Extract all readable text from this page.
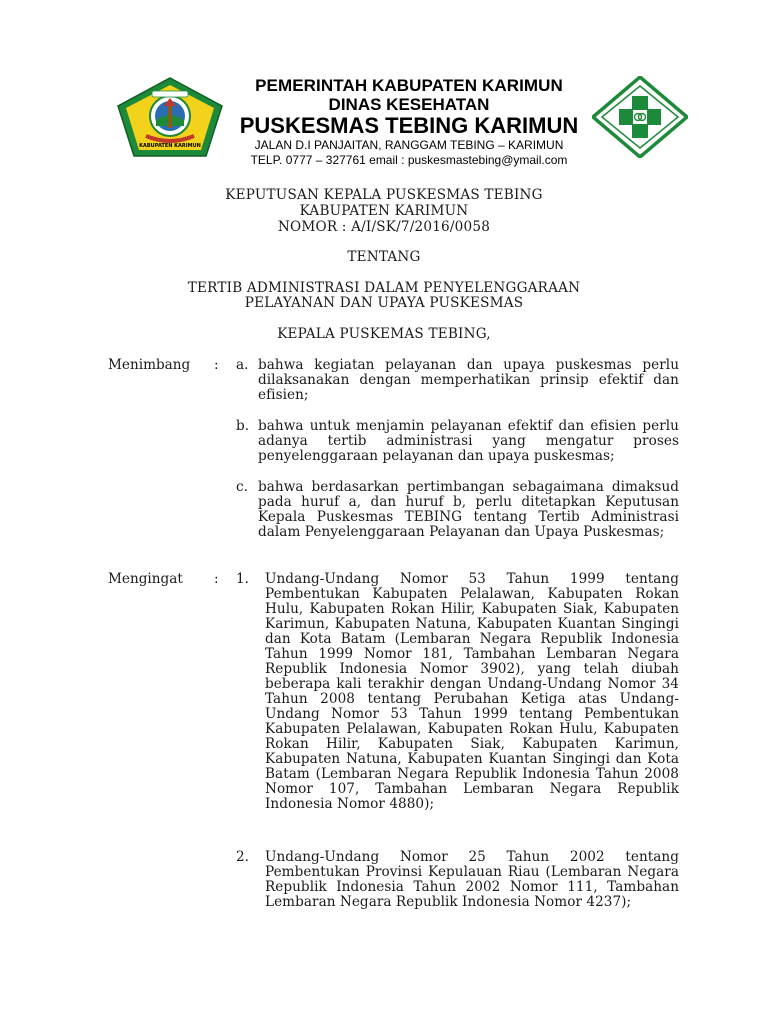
KABUPATEN KARIMUN
PEMERINTAH KABUPATEN KARIMUN
DINAS KESEHATAN
PUSKESMAS TEBING KARIMUN
JALAN D.I PANJAITAN, RANGGAM TEBING – KARIMUN
TELP. 0777 – 327761 email : puskesmastebing@ymail.com
KEPUTUSAN KEPALA PUSKESMAS TEBING
KABUPATEN KARIMUN
NOMOR : A/I/SK/7/2016/0058
TENTANG
TERTIB ADMINISTRASI DALAM PENYELENGGARAAN
PELAYANAN DAN UPAYA PUSKESMAS
KEPALA PUSKEMAS TEBING,
Menimbang : a. bahwa kegiatan pelayanan dan upaya puskesmas perlu dilaksanakan dengan memperhatikan prinsip efektif dan efisien;
b. bahwa untuk menjamin pelayanan efektif dan efisien perlu adanya tertib administrasi yang mengatur proses penyelenggaraan pelayanan dan upaya puskesmas;
c. bahwa berdasarkan pertimbangan sebagaimana dimaksud pada huruf a, dan huruf b, perlu ditetapkan Keputusan Kepala Puskesmas TEBING tentang Tertib Administrasi dalam Penyelenggaraan Pelayanan dan Upaya Puskesmas;
Mengingat : 1. Undang-Undang Nomor 53 Tahun 1999 tentang Pembentukan Kabupaten Pelalawan, Kabupaten Rokan Hulu, Kabupaten Rokan Hilir, Kabupaten Siak, Kabupaten Karimun, Kabupaten Natuna, Kabupaten Kuantan Singingi dan Kota Batam (Lembaran Negara Republik Indonesia Tahun 1999 Nomor 181, Tambahan Lembaran Negara Republik Indonesia Nomor 3902), yang telah diubah beberapa kali terakhir dengan Undang-Undang Nomor 34 Tahun 2008 tentang Perubahan Ketiga atas Undang-Undang Nomor 53 Tahun 1999 tentang Pembentukan Kabupaten Pelalawan, Kabupaten Rokan Hulu, Kabupaten Rokan Hilir, Kabupaten Siak, Kabupaten Karimun, Kabupaten Natuna, Kabupaten Kuantan Singingi dan Kota Batam (Lembaran Negara Republik Indonesia Tahun 2008 Nomor 107, Tambahan Lembaran Negara Republik Indonesia Nomor 4880);
2. Undang-Undang Nomor 25 Tahun 2002 tentang Pembentukan Provinsi Kepulauan Riau (Lembaran Negara Republik Indonesia Tahun 2002 Nomor 111, Tambahan Lembaran Negara Republik Indonesia Nomor 4237);
